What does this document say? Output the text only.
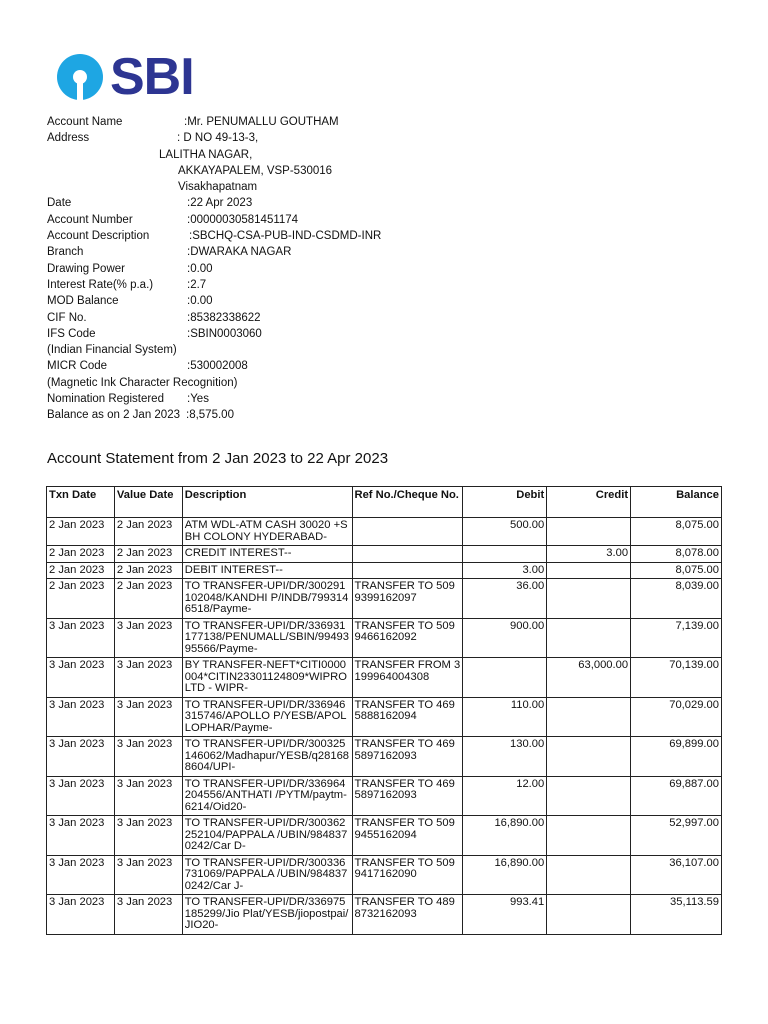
SBI
Account Name	:Mr. PENUMALLU GOUTHAM
Address	: D NO 49-13-3,
LALITHA NAGAR,
AKKAYAPALEM, VSP-530016
Visakhapatnam
Date	:22 Apr 2023
Account Number	:00000030581451174
Account Description	:SBCHQ-CSA-PUB-IND-CSDMD-INR
Branch	:DWARAKA NAGAR
Drawing Power	:0.00
Interest Rate(% p.a.)	:2.7
MOD Balance	:0.00
CIF No.	:85382338622
IFS Code	:SBIN0003060
(Indian Financial System)
MICR Code	:530002008
(Magnetic Ink Character Recognition)
Nomination Registered :Yes
Balance as on 2 Jan 2023 :8,575.00
Account Statement from 2 Jan 2023 to 22 Apr 2023
Txn Date	Value Date	Description	Ref No./Cheque No.	Debit	Credit	Balance
2 Jan 2023	2 Jan 2023	ATM WDL-ATM CASH 30020 +SBH COLONY HYDERABAD-		500.00		8,075.00
2 Jan 2023	2 Jan 2023	CREDIT INTEREST--			3.00	8,078.00
2 Jan 2023	2 Jan 2023	DEBIT INTEREST--		3.00		8,075.00
2 Jan 2023	2 Jan 2023	TO TRANSFER-UPI/DR/300291102048/KANDHI P/INDB/7993146518/Payme-	TRANSFER TO 5099399162097	36.00		8,039.00
3 Jan 2023	3 Jan 2023	TO TRANSFER-UPI/DR/336931177138/PENUMALL/SBIN/9949395566/Payme-	TRANSFER TO 5099466162092	900.00		7,139.00
3 Jan 2023	3 Jan 2023	BY TRANSFER-NEFT*CITI0000004*CITIN23301124809*WIPRO LTD - WIPR-	TRANSFER FROM 3199964004308		63,000.00	70,139.00
3 Jan 2023	3 Jan 2023	TO TRANSFER-UPI/DR/336946315746/APOLLO P/YESB/APOLLOPHAR/Payme-	TRANSFER TO 4695888162094	110.00		70,029.00
3 Jan 2023	3 Jan 2023	TO TRANSFER-UPI/DR/300325146062/Madhapur/YESB/q281688604/UPI-	TRANSFER TO 4695897162093	130.00		69,899.00
3 Jan 2023	3 Jan 2023	TO TRANSFER-UPI/DR/336964204556/ANTHATI /PYTM/paytm-6214/Oid20-	TRANSFER TO 4695897162093	12.00		69,887.00
3 Jan 2023	3 Jan 2023	TO TRANSFER-UPI/DR/300362252104/PAPPALA /UBIN/9848370242/Car D-	TRANSFER TO 5099455162094	16,890.00		52,997.00
3 Jan 2023	3 Jan 2023	TO TRANSFER-UPI/DR/300336731069/PAPPALA /UBIN/9848370242/Car J-	TRANSFER TO 5099417162090	16,890.00		36,107.00
3 Jan 2023	3 Jan 2023	TO TRANSFER-UPI/DR/336975185299/Jio Plat/YESB/jiopostpai/JIO20-	TRANSFER TO 4898732162093	993.41		35,113.59
